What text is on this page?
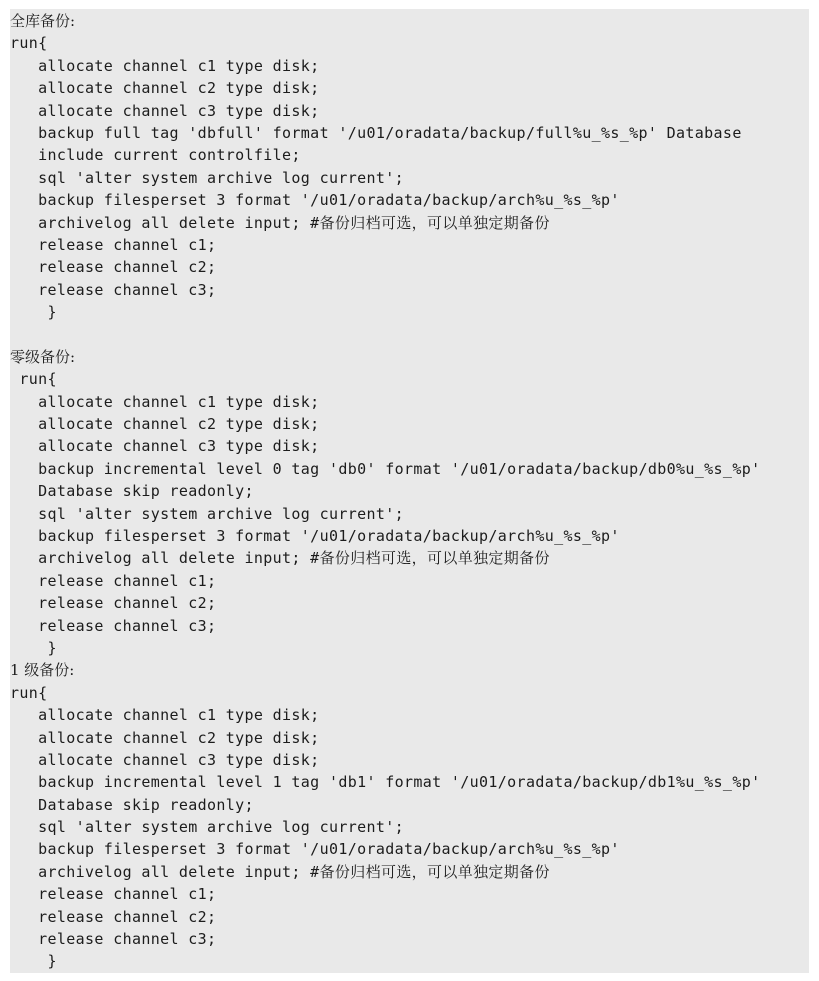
全库备份:
run{
allocate channel c1 type disk;
allocate channel c2 type disk;
allocate channel c3 type disk;
backup full tag 'dbfull' format '/u01/oradata/backup/full%u_%s_%p' Database
include current controlfile;
sql 'alter system archive log current';
backup filesperset 3 format '/u01/oradata/backup/arch%u_%s_%p'
archivelog all delete input; #备份归档可选，可以单独定期备份
release channel c1;
release channel c2;
release channel c3;
}
零级备份:
run{
allocate channel c1 type disk;
allocate channel c2 type disk;
allocate channel c3 type disk;
backup incremental level 0 tag 'db0' format '/u01/oradata/backup/db0%u_%s_%p'
Database skip readonly;
sql 'alter system archive log current';
backup filesperset 3 format '/u01/oradata/backup/arch%u_%s_%p'
archivelog all delete input; #备份归档可选，可以单独定期备份
release channel c1;
release channel c2;
release channel c3;
}
1 级备份:
run{
allocate channel c1 type disk;
allocate channel c2 type disk;
allocate channel c3 type disk;
backup incremental level 1 tag 'db1' format '/u01/oradata/backup/db1%u_%s_%p'
Database skip readonly;
sql 'alter system archive log current';
backup filesperset 3 format '/u01/oradata/backup/arch%u_%s_%p'
archivelog all delete input; #备份归档可选，可以单独定期备份
release channel c1;
release channel c2;
release channel c3;
}
